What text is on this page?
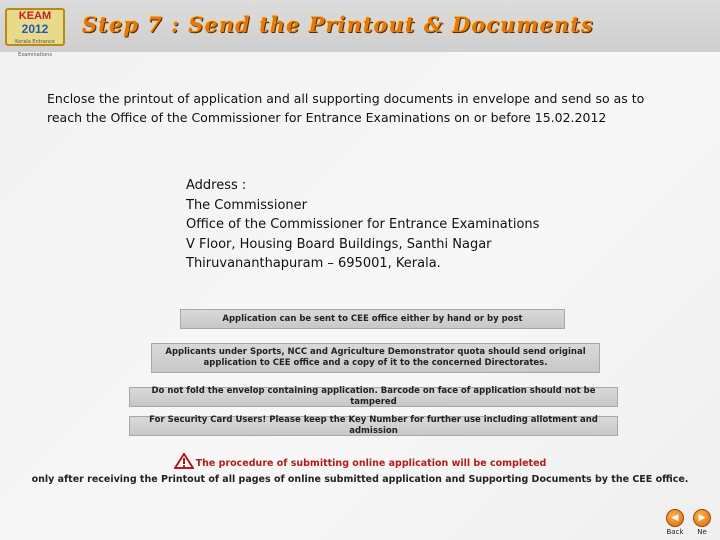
KEAM
2012
Kerala Entrance Examinations
Step 7 : Send the Printout & Documents
Enclose the printout of application and all supporting documents in envelope and send so as to reach the Office of the Commissioner for Entrance Examinations on or before 15.02.2012
Address :
The Commissioner
Office of the Commissioner for Entrance Examinations
V Floor, Housing Board Buildings, Santhi Nagar
Thiruvananthapuram – 695001, Kerala.
Application can be sent to CEE office either by hand or by post
Applicants under Sports, NCC and Agriculture Demonstrator quota should send original application to CEE office and a copy of it to the concerned Directorates.
Do not fold the envelop containing application. Barcode on face of application should not be tampered
For Security Card Users! Please keep the Key Number for further use including allotment and admission
The procedure of submitting online application will be completed
only after receiving the Printout of all pages of online submitted application and Supporting Documents by the CEE office.
◀
Back
▶
Ne
